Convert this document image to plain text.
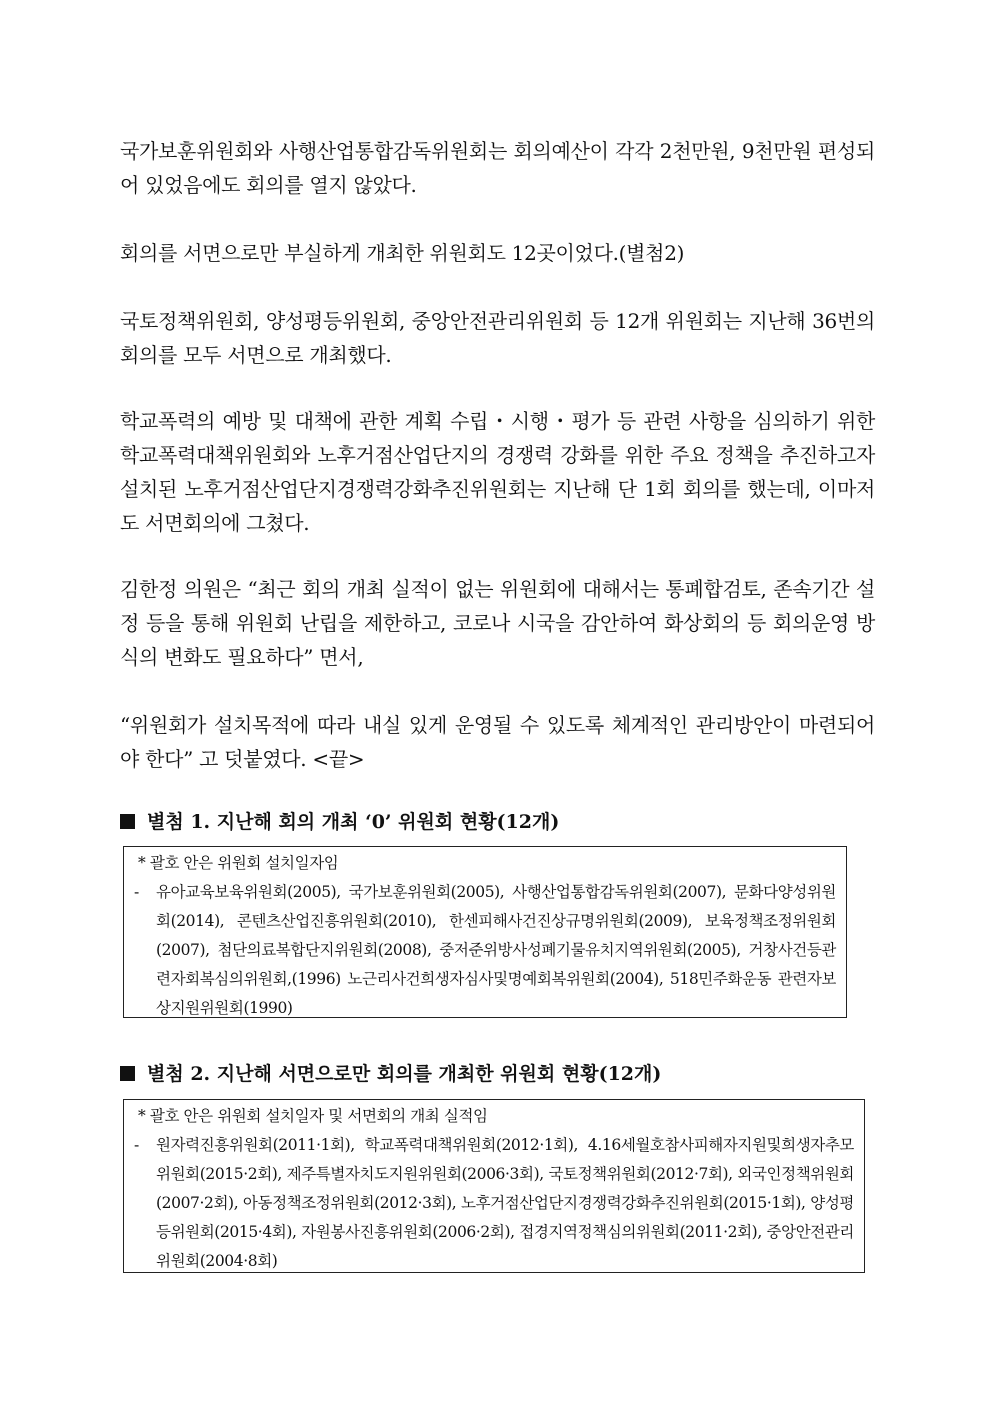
국가보훈위원회와 사행산업통합감독위원회는 회의예산이 각각 2천만원, 9천만원 편성되어 있었음에도 회의를 열지 않았다.
회의를 서면으로만 부실하게 개최한 위원회도 12곳이었다.(별첨2)
국토정책위원회, 양성평등위원회, 중앙안전관리위원회 등 12개 위원회는 지난해 36번의 회의를 모두 서면으로 개최했다.
학교폭력의 예방 및 대책에 관한 계획 수립・시행・평가 등 관련 사항을 심의하기 위한 학교폭력대책위원회와 노후거점산업단지의 경쟁력 강화를 위한 주요 정책을 추진하고자 설치된 노후거점산업단지경쟁력강화추진위원회는 지난해 단 1회 회의를 했는데, 이마저도 서면회의에 그쳤다.
김한정 의원은 “최근 회의 개최 실적이 없는 위원회에 대해서는 통폐합검토, 존속기간 설정 등을 통해 위원회 난립을 제한하고, 코로나 시국을 감안하여 화상회의 등 회의운영 방식의 변화도 필요하다” 면서,
“위원회가 설치목적에 따라 내실 있게 운영될 수 있도록 체계적인 관리방안이 마련되어야 한다” 고 덧붙였다. <끝>
별첨 1. 지난해 회의 개최 ‘0’ 위원회 현황(12개)
* 괄호 안은 위원회 설치일자임
-	유아교육보육위원회(2005), 국가보훈위원회(2005), 사행산업통합감독위원회(2007), 문화다양성위원회(2014), 콘텐츠산업진흥위원회(2010), 한센피해사건진상규명위원회(2009), 보육정책조정위원회(2007), 첨단의료복합단지위원회(2008), 중저준위방사성폐기물유치지역위원회(2005), 거창사건등관련자회복심의위원회,(1996) 노근리사건희생자심사및명예회복위원회(2004), 518민주화운동 관련자보상지원위원회(1990)
별첨 2. 지난해 서면으로만 회의를 개최한 위원회 현황(12개)
* 괄호 안은 위원회 설치일자 및 서면회의 개최 실적임
-	원자력진흥위원회(2011·1회), 학교폭력대책위원회(2012·1회), 4.16세월호참사피해자지원및희생자추모위원회(2015·2회), 제주특별자치도지원위원회(2006·3회), 국토정책위원회(2012·7회), 외국인정책위원회(2007·2회), 아동정책조정위원회(2012·3회), 노후거점산업단지경쟁력강화추진위원회(2015·1회), 양성평등위원회(2015·4회), 자원봉사진흥위원회(2006·2회), 접경지역정책심의위원회(2011·2회), 중앙안전관리위원회(2004·8회)
